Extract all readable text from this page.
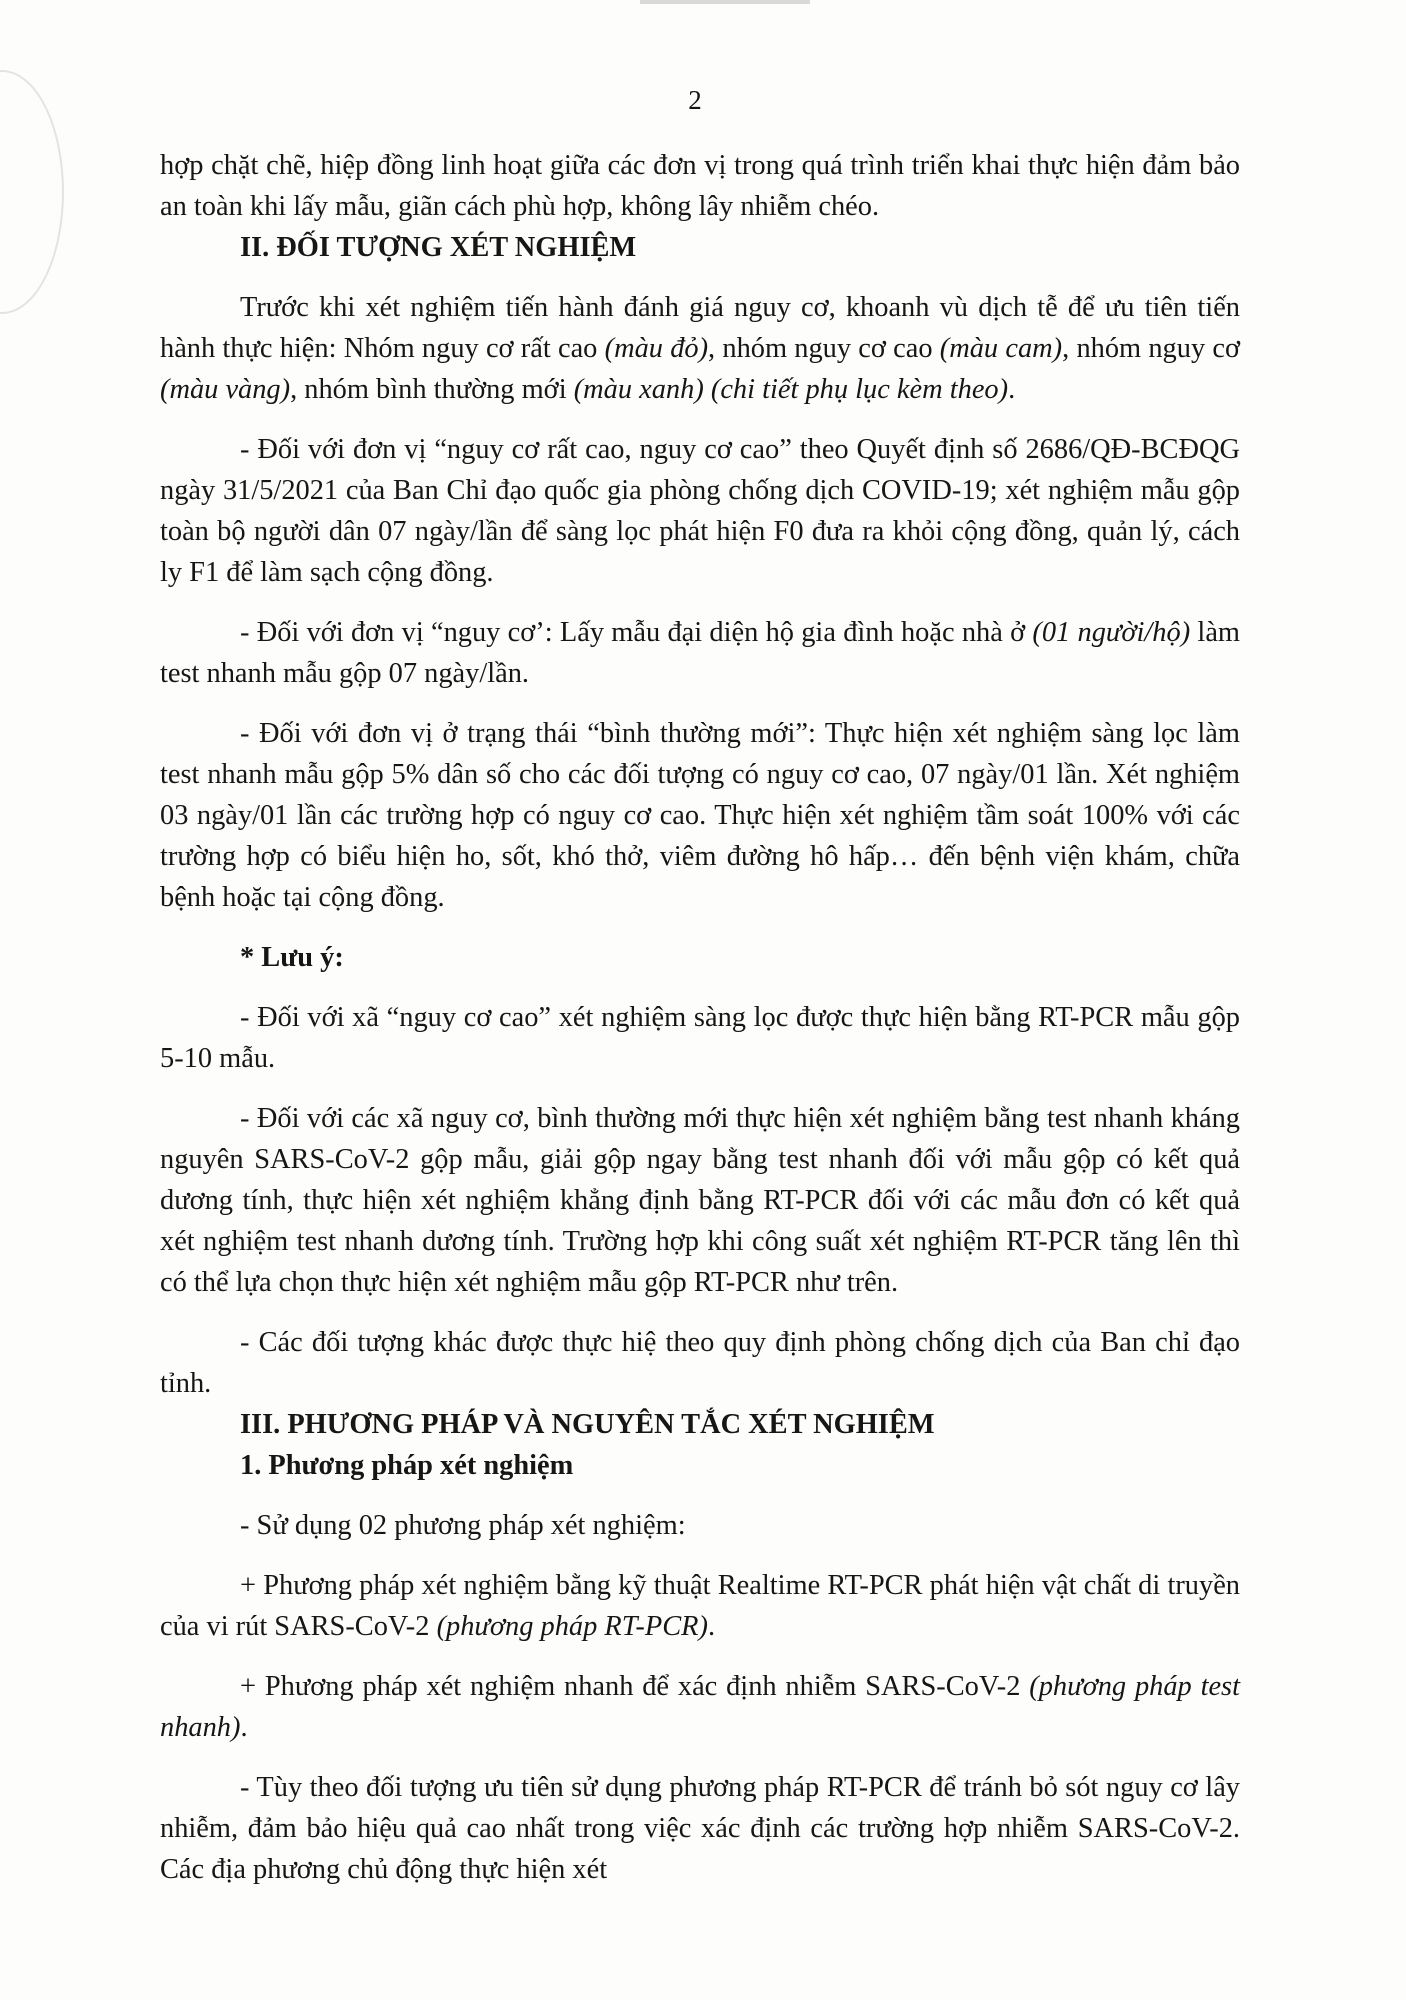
2

hợp chặt chẽ, hiệp đồng linh hoạt giữa các đơn vị trong quá trình triển khai thực hiện đảm bảo an toàn khi lấy mẫu, giãn cách phù hợp, không lây nhiễm chéo.

II. ĐỐI TƯỢNG XÉT NGHIỆM

Trước khi xét nghiệm tiến hành đánh giá nguy cơ, khoanh vù dịch tễ để ưu tiên tiến hành thực hiện: Nhóm nguy cơ rất cao (màu đỏ), nhóm nguy cơ cao (màu cam), nhóm nguy cơ (màu vàng), nhóm bình thường mới (màu xanh) (chi tiết phụ lục kèm theo).

- Đối với đơn vị “nguy cơ rất cao, nguy cơ cao” theo Quyết định số 2686/QĐ-BCĐQG ngày 31/5/2021 của Ban Chỉ đạo quốc gia phòng chống dịch COVID-19; xét nghiệm mẫu gộp toàn bộ người dân 07 ngày/lần để sàng lọc phát hiện F0 đưa ra khỏi cộng đồng, quản lý, cách ly F1 để làm sạch cộng đồng.

- Đối với đơn vị “nguy cơ’: Lấy mẫu đại diện hộ gia đình hoặc nhà ở (01 người/hộ) làm test nhanh mẫu gộp 07 ngày/lần.

- Đối với đơn vị ở trạng thái “bình thường mới”: Thực hiện xét nghiệm sàng lọc làm test nhanh mẫu gộp 5% dân số cho các đối tượng có nguy cơ cao, 07 ngày/01 lần. Xét nghiệm 03 ngày/01 lần các trường hợp có nguy cơ cao. Thực hiện xét nghiệm tầm soát 100% với các trường hợp có biểu hiện ho, sốt, khó thở, viêm đường hô hấp… đến bệnh viện khám, chữa bệnh hoặc tại cộng đồng.

* Lưu ý:

- Đối với xã “nguy cơ cao” xét nghiệm sàng lọc được thực hiện bằng RT-PCR mẫu gộp 5-10 mẫu.

- Đối với các xã nguy cơ, bình thường mới thực hiện xét nghiệm bằng test nhanh kháng nguyên SARS-CoV-2 gộp mẫu, giải gộp ngay bằng test nhanh đối với mẫu gộp có kết quả dương tính, thực hiện xét nghiệm khẳng định bằng RT-PCR đối với các mẫu đơn có kết quả xét nghiệm test nhanh dương tính. Trường hợp khi công suất xét nghiệm RT-PCR tăng lên thì có thể lựa chọn thực hiện xét nghiệm mẫu gộp RT-PCR như trên.

- Các đối tượng khác được thực hiệ theo quy định phòng chống dịch của Ban chỉ đạo tỉnh.

III. PHƯƠNG PHÁP VÀ NGUYÊN TẮC XÉT NGHIỆM

1. Phương pháp xét nghiệm

- Sử dụng 02 phương pháp xét nghiệm:

+ Phương pháp xét nghiệm bằng kỹ thuật Realtime RT-PCR phát hiện vật chất di truyền của vi rút SARS-CoV-2 (phương pháp RT-PCR).

+ Phương pháp xét nghiệm nhanh để xác định nhiễm SARS-CoV-2 (phương pháp test nhanh).

- Tùy theo đối tượng ưu tiên sử dụng phương pháp RT-PCR để tránh bỏ sót nguy cơ lây nhiễm, đảm bảo hiệu quả cao nhất trong việc xác định các trường hợp nhiễm SARS-CoV-2. Các địa phương chủ động thực hiện xét
